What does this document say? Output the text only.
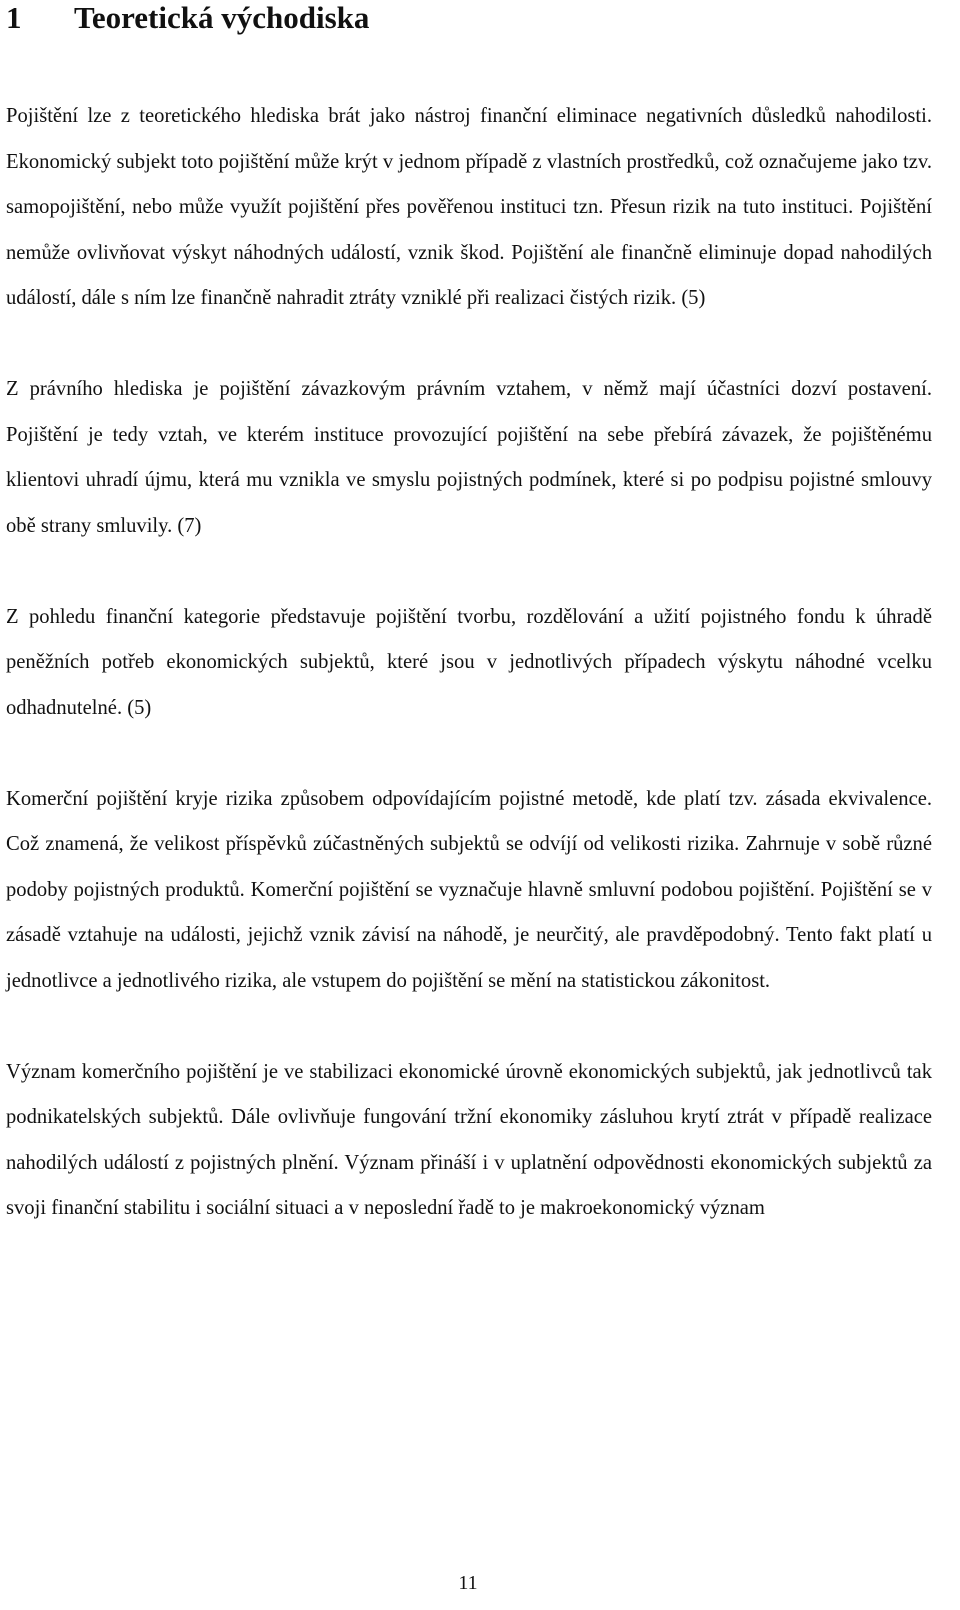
1 Teoretická východiska

Pojištění lze z teoretického hlediska brát jako nástroj finanční eliminace negativních důsledků nahodilosti. Ekonomický subjekt toto pojištění může krýt v jednom případě z vlastních prostředků, což označujeme jako tzv. samopojištění, nebo může využít pojištění přes pověřenou instituci tzn. Přesun rizik na tuto instituci. Pojištění nemůže ovlivňovat výskyt náhodných událostí, vznik škod. Pojištění ale finančně eliminuje dopad nahodilých událostí, dále s ním lze finančně nahradit ztráty vzniklé při realizaci čistých rizik. (5)

Z právního hlediska je pojištění závazkovým právním vztahem, v němž mají účastníci dozví postavení. Pojištění je tedy vztah, ve kterém instituce provozující pojištění na sebe přebírá závazek, že pojištěnému klientovi uhradí újmu, která mu vznikla ve smyslu pojistných podmínek, které si po podpisu pojistné smlouvy obě strany smluvily. (7)

Z pohledu finanční kategorie představuje pojištění tvorbu, rozdělování a užití pojistného fondu k úhradě peněžních potřeb ekonomických subjektů, které jsou v jednotlivých případech výskytu náhodné vcelku odhadnutelné. (5)

Komerční pojištění kryje rizika způsobem odpovídajícím pojistné metodě, kde platí tzv. zásada ekvivalence. Což znamená, že velikost příspěvků zúčastněných subjektů se odvíjí od velikosti rizika. Zahrnuje v sobě různé podoby pojistných produktů. Komerční pojištění se vyznačuje hlavně smluvní podobou pojištění. Pojištění se v zásadě vztahuje na události, jejichž vznik závisí na náhodě, je neurčitý, ale pravděpodobný. Tento fakt platí u jednotlivce a jednotlivého rizika, ale vstupem do pojištění se mění na statistickou zákonitost.

Význam komerčního pojištění je ve stabilizaci ekonomické úrovně ekonomických subjektů, jak jednotlivců tak podnikatelských subjektů. Dále ovlivňuje fungování tržní ekonomiky zásluhou krytí ztrát v případě realizace nahodilých událostí z pojistných plnění. Význam přináší i v uplatnění odpovědnosti ekonomických subjektů za svoji finanční stabilitu i sociální situaci a v neposlední řadě to je makroekonomický význam

11
